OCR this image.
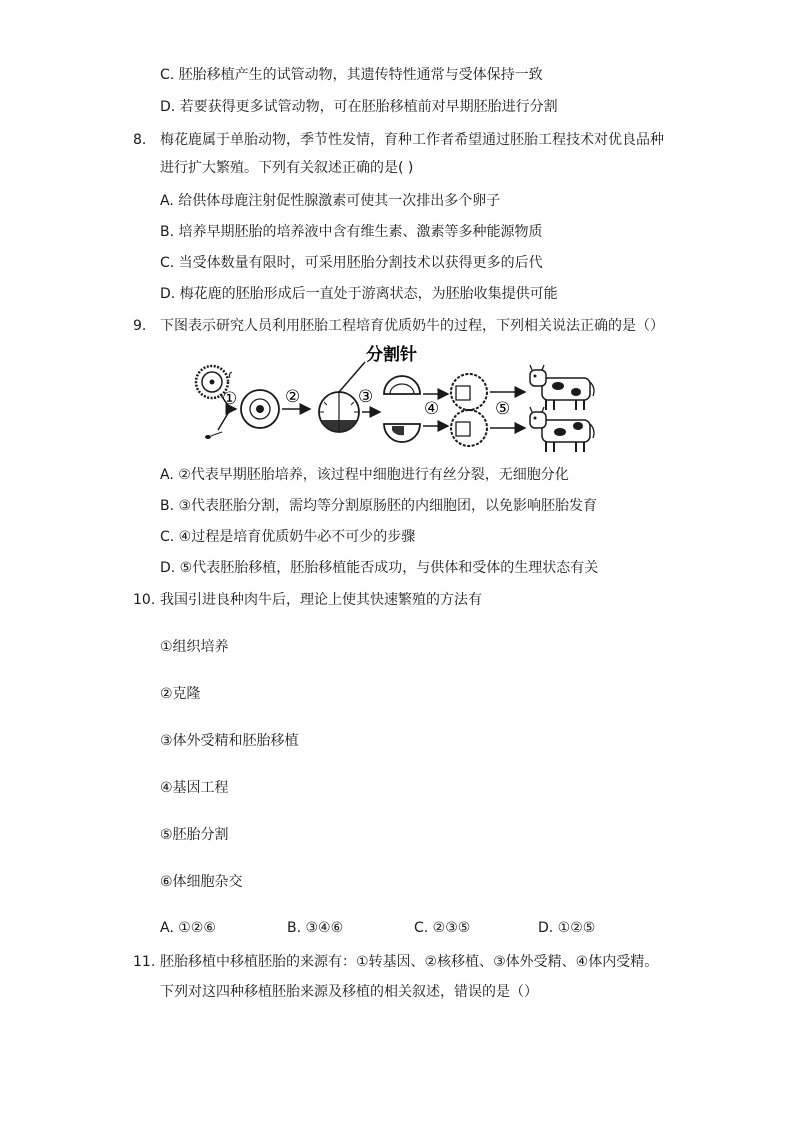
C. 胚胎移植产生的试管动物，其遗传特性通常与受体保持一致
D. 若要获得更多试管动物，可在胚胎移植前对早期胚胎进行分割
8. 梅花鹿属于单胎动物，季节性发情，育种工作者希望通过胚胎工程技术对优良品种
进行扩大繁殖。下列有关叙述正确的是( )
A. 给供体母鹿注射促性腺激素可使其一次排出多个卵子
B. 培养早期胚胎的培养液中含有维生素、激素等多种能源物质
C. 当受体数量有限时，可采用胚胎分割技术以获得更多的后代
D. 梅花鹿的胚胎形成后一直处于游离状态，为胚胎收集提供可能
9. 下图表示研究人员利用胚胎工程培育优质奶牛的过程，下列相关说法正确的是（）
①	②
分割针
③
④	⑤
A. ②代表早期胚胎培养，该过程中细胞进行有丝分裂，无细胞分化
B. ③代表胚胎分割，需均等分割原肠胚的内细胞团，以免影响胚胎发育
C. ④过程是培育优质奶牛必不可少的步骤
D. ⑤代表胚胎移植，胚胎移植能否成功，与供体和受体的生理状态有关
10. 我国引进良种肉牛后，理论上使其快速繁殖的方法有
①组织培养
②克隆
③体外受精和胚胎移植
④基因工程
⑤胚胎分割
⑥体细胞杂交
A. ①②⑥	B. ③④⑥	C. ②③⑤	D. ①②⑤
11. 胚胎移植中移植胚胎的来源有：①转基因、②核移植、③体外受精、④体内受精。
下列对这四种移植胚胎来源及移植的相关叙述，错误的是（）
